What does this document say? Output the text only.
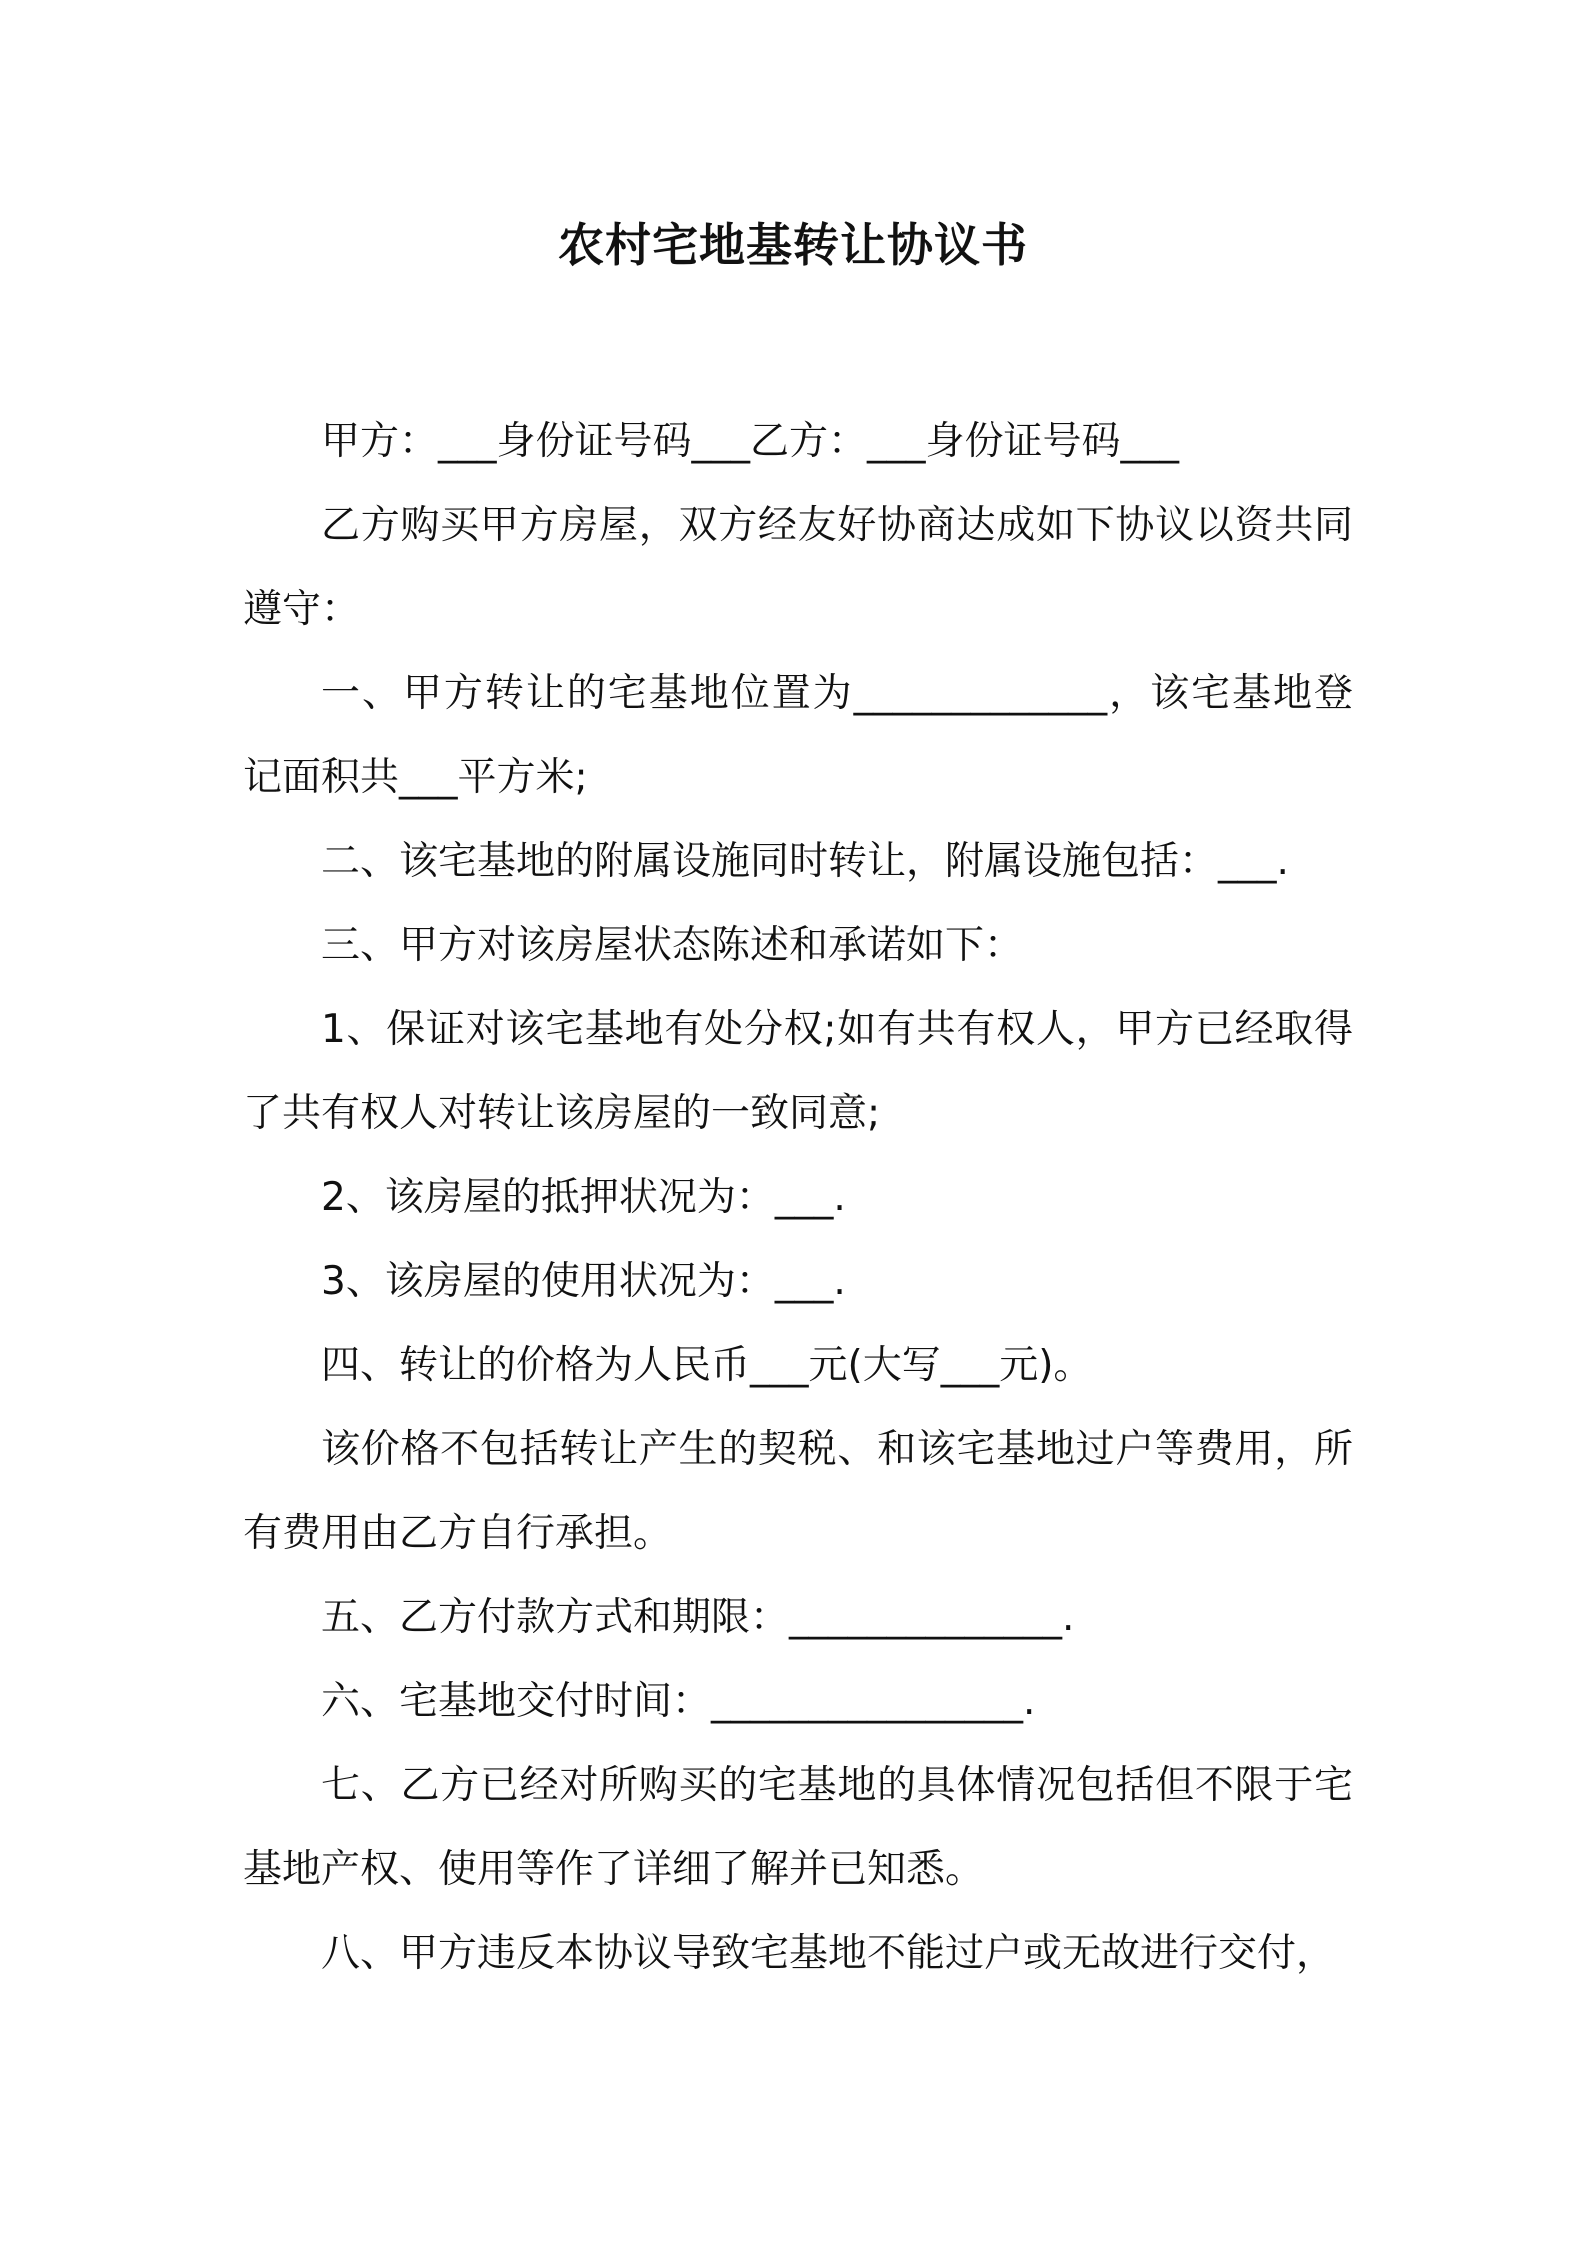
农村宅地基转让协议书

甲方：___身份证号码___乙方：___身份证号码___

乙方购买甲方房屋，双方经友好协商达成如下协议以资共同遵守：

一、甲方转让的宅基地位置为_____________，该宅基地登记面积共___平方米;

二、该宅基地的附属设施同时转让，附属设施包括：___.

三、甲方对该房屋状态陈述和承诺如下：

1、保证对该宅基地有处分权;如有共有权人，甲方已经取得了共有权人对转让该房屋的一致同意;

2、该房屋的抵押状况为：___.

3、该房屋的使用状况为：___.

四、转让的价格为人民币___元(大写___元)。

该价格不包括转让产生的契税、和该宅基地过户等费用，所有费用由乙方自行承担。

五、乙方付款方式和期限：______________.

六、宅基地交付时间：________________.

七、乙方已经对所购买的宅基地的具体情况包括但不限于宅基地产权、使用等作了详细了解并已知悉。

八、甲方违反本协议导致宅基地不能过户或无故进行交付，
